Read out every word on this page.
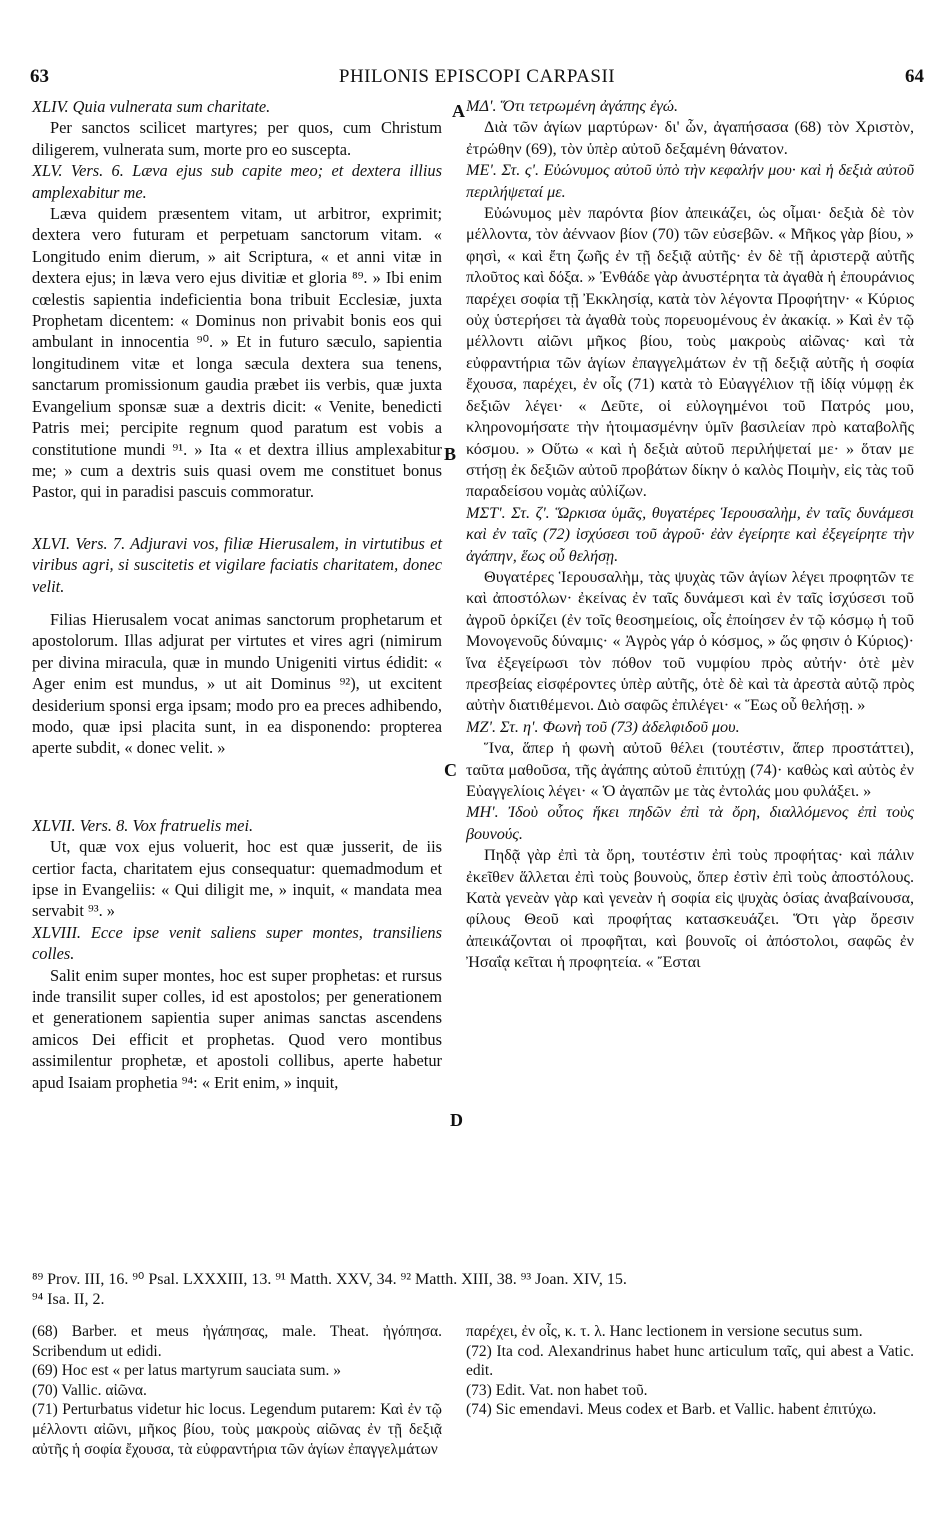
63	PHILONIS EPISCOPI CARPASII	64

XLIV. Quia vulnerata sum charitate.

Per sanctos scilicet martyres; per quos, cum Christum diligerem, vulnerata sum, morte pro eo suscepta.

XLV. Vers. 6. Læva ejus sub capite meo; et dextera illius amplexabitur me.

Læva quidem præsentem vitam, ut arbitror, exprimit; dextera vero futuram et perpetuam sanctorum vitam. « Longitudo enim dierum, » ait Scriptura, « et anni vitæ in dextera ejus; in læva vero ejus divitiæ et gloria ⁸⁹. » Ibi enim cœlestis sapientia indeficientia bona tribuit Ecclesiæ, juxta Prophetam dicentem: « Dominus non privabit bonis eos qui ambulant in innocentia ⁹⁰. » Et in futuro sæculo, sapientia longitudinem vitæ et longa sæcula dextera sua tenens, sanctarum promissionum gaudia præbet iis verbis, quæ juxta Evangelium sponsæ suæ a dextris dicit: « Venite, benedicti Patris mei; percipite regnum quod paratum est vobis a constitutione mundi ⁹¹. » Ita « et dextra illius amplexabitur me; » cum a dextris suis quasi ovem me constituet bonus Pastor, qui in paradisi pascuis commoratur.

XLVI. Vers. 7. Adjuravi vos, filiæ Hierusalem, in virtutibus et viribus agri, si suscitetis et vigilare faciatis charitatem, donec velit.

Filias Hierusalem vocat animas sanctorum prophetarum et apostolorum. Illas adjurat per virtutes et vires agri (nimirum per divina miracula, quæ in mundo Unigeniti virtus édidit: « Ager enim est mundus, » ut ait Dominus ⁹²), ut excitent desiderium sponsi erga ipsam; modo pro ea preces adhibendo, modo, quæ ipsi placita sunt, in ea disponendo: propterea aperte subdit, « donec velit. »

XLVII. Vers. 8. Vox fratruelis mei.

Ut, quæ vox ejus voluerit, hoc est quæ jusserit, de iis certior facta, charitatem ejus consequatur: quemadmodum et ipse in Evangeliis: « Qui diligit me, » inquit, « mandata mea servabit ⁹³. »

XLVIII. Ecce ipse venit saliens super montes, transiliens colles.

Salit enim super montes, hoc est super prophetas: et rursus inde transilit super colles, id est apostolos; per generationem et generationem sapientia super animas sanctas ascendens amicos Dei efficit et prophetas. Quod vero montibus assimilentur prophetæ, et apostoli collibus, aperte habetur apud Isaiam prophetia ⁹⁴: « Erit enim, » inquit,

ΜΔ'. Ὅτι τετρωμένη ἀγάπης ἐγώ.

Διὰ τῶν ἁγίων μαρτύρων· δι' ὧν, ἀγαπήσασα (68) τὸν Χριστὸν, ἐτρώθην (69), τὸν ὑπὲρ αὐτοῦ δεξαμένη θάνατον.

ΜΕ'. Στ. ς'. Εὐώνυμος αὐτοῦ ὑπὸ τὴν κεφαλήν μου· καὶ ἡ δεξιὰ αὐτοῦ περιλήψεταί με.

Εὐώνυμος μὲν παρόντα βίον ἀπεικάζει, ὡς οἶμαι· δεξιὰ δὲ τὸν μέλλοντα, τὸν ἀέννaον βίον (70) τῶν εὐσεβῶν. « Μῆκος γὰρ βίου, » φησὶ, « καὶ ἔτη ζωῆς ἐν τῇ δεξιᾷ αὐτῆς· ἐν δὲ τῇ ἀριστερᾷ αὐτῆς πλοῦτος καὶ δόξα. » Ἐνθάδε γὰρ ἀνυστέρητα τὰ ἀγαθὰ ἡ ἐπουράνιος παρέχει σοφία τῇ Ἐκκλησίᾳ, κατὰ τὸν λέγοντα Προφήτην· « Κύριος οὐχ ὑστερήσει τὰ ἀγαθὰ τοὺς πορευομένους ἐν ἀκακίᾳ. » Καὶ ἐν τῷ μέλλοντι αἰῶνι μῆκος βίου, τοὺς μακροὺς αἰῶνας· καὶ τὰ εὐφραντήρια τῶν ἁγίων ἐπαγγελμάτων ἐν τῇ δεξιᾷ αὐτῆς ἡ σοφία ἔχουσα, παρέχει, ἐν οἷς (71) κατὰ τὸ Εὐαγγέλιον τῇ ἰδίᾳ νύμφῃ ἐκ δεξιῶν λέγει· « Δεῦτε, οἱ εὐλογημένοι τοῦ Πατρός μου, κληρονομήσατε τὴν ἡτοιμασμένην ὑμῖν βασιλείαν πρὸ καταβολῆς κόσμου. » Οὕτω « καὶ ἡ δεξιὰ αὐτοῦ περιλήψεταί με· » ὅταν με στήσῃ ἐκ δεξιῶν αὐτοῦ προβάτων δίκην ὁ καλὸς Ποιμὴν, εἰς τὰς τοῦ παραδείσου νομὰς αὐλίζων.

ΜΣΤ'. Στ. ζ'. Ὥρκισα ὑμᾶς, θυγατέρες Ἱερουσαλὴμ, ἐν ταῖς δυνάμεσι καὶ ἐν ταῖς (72) ἰσχύσεσι τοῦ ἀγροῦ· ἐὰν ἐγείρητε καὶ ἐξεγείρητε τὴν ἀγάπην, ἕως οὗ θελήσῃ.

Θυγατέρες Ἱερουσαλὴμ, τὰς ψυχὰς τῶν ἁγίων λέγει προφητῶν τε καὶ ἀποστόλων· ἐκείνας ἐν ταῖς δυνάμεσι καὶ ἐν ταῖς ἰσχύσεσι τοῦ ἀγροῦ ὁρκίζει (ἐν τοῖς θεοσημείοις, οἷς ἐποίησεν ἐν τῷ κόσμῳ ἡ τοῦ Μονογενοῦς δύναμις· « Ἀγρὸς γάρ ὁ κόσμος, » ὥς φησιν ὁ Κύριος)· ἵνα ἐξεγείρωσι τὸν πόθον τοῦ νυμφίου πρὸς αὐτήν· ὁτὲ μὲν πρεσβείας εἰσφέροντες ὑπὲρ αὐτῆς, ὁτὲ δὲ καὶ τὰ ἀρεστὰ αὐτῷ πρὸς αὐτὴν διατιθέμενοι. Διὸ σαφῶς ἐπιλέγει· « Ἕως οὗ θελήσῃ. »

ΜΖ'. Στ. η'. Φωνὴ τοῦ (73) ἀδελφιδοῦ μου.

Ἵνα, ἅπερ ἡ φωνὴ αὐτοῦ θέλει (τουτέστιν, ἅπερ προστάττει), ταῦτα μαθοῦσα, τῆς ἀγάπης αὐτοῦ ἐπιτύχῃ (74)· καθὼς καὶ αὐτὸς ἐν Εὐαγγελίοις λέγει· « Ὁ ἀγαπῶν με τὰς ἐντολάς μου φυλάξει. »

ΜΗ'. Ἰδοὺ οὗτος ἥκει πηδῶν ἐπὶ τὰ ὄρη, διαλλόμενος ἐπὶ τοὺς βουνούς.

Πηδᾷ γὰρ ἐπὶ τὰ ὄρη, τουτέστιν ἐπὶ τοὺς προφήτας· καὶ πάλιν ἐκεῖθεν ἅλλεται ἐπὶ τοὺς βουνοὺς, ὅπερ ἐστὶν ἐπὶ τοὺς ἀποστόλους. Κατὰ γενεὰν γὰρ καὶ γενεὰν ἡ σοφία εἰς ψυχὰς ὁσίας ἀναβαίνουσα, φίλους Θεοῦ καὶ προφήτας κατασκευάζει. Ὅτι γὰρ ὄρεσιν ἀπεικάζονται οἱ προφῆται, καὶ βουνοῖς οἱ ἀπόστολοι, σαφῶς ἐν Ἠσαΐᾳ κεῖται ἡ προφητεία. « Ἔσται

A
B
C
D
⁸⁹ Prov. III, 16. ⁹⁰ Psal. LXXXIII, 13. ⁹¹ Matth. XXV, 34. ⁹² Matth. XIII, 38. ⁹³ Joan. XIV, 15.
⁹⁴ Isa. II, 2.

(68) Barber. et meus ἠγάπησας, male. Theat. ἠγόπησα. Scribendum ut edidi.

(69) Hoc est « per latus martyrum sauciata sum. »

(70) Vallic. αἰῶνα.

(71) Perturbatus videtur hic locus. Legendum putarem: Καὶ ἐν τῷ μέλλοντι αἰῶνι, μῆκος βίου, τοὺς μακροὺς αἰῶνας ἐν τῇ δεξιᾷ αὐτῆς ἡ σοφία ἔχουσα, τὰ εὐφραντήρια τῶν ἁγίων ἐπαγγελμάτων

παρέχει, ἐν οἷς, κ. τ. λ. Hanc lectionem in versione secutus sum.

(72) Ita cod. Alexandrinus habet hunc articulum ταῖς, qui abest a Vatic. edit.

(73) Edit. Vat. non habet τοῦ.

(74) Sic emendavi. Meus codex et Barb. et Vallic. habent ἐπιτύχω.
